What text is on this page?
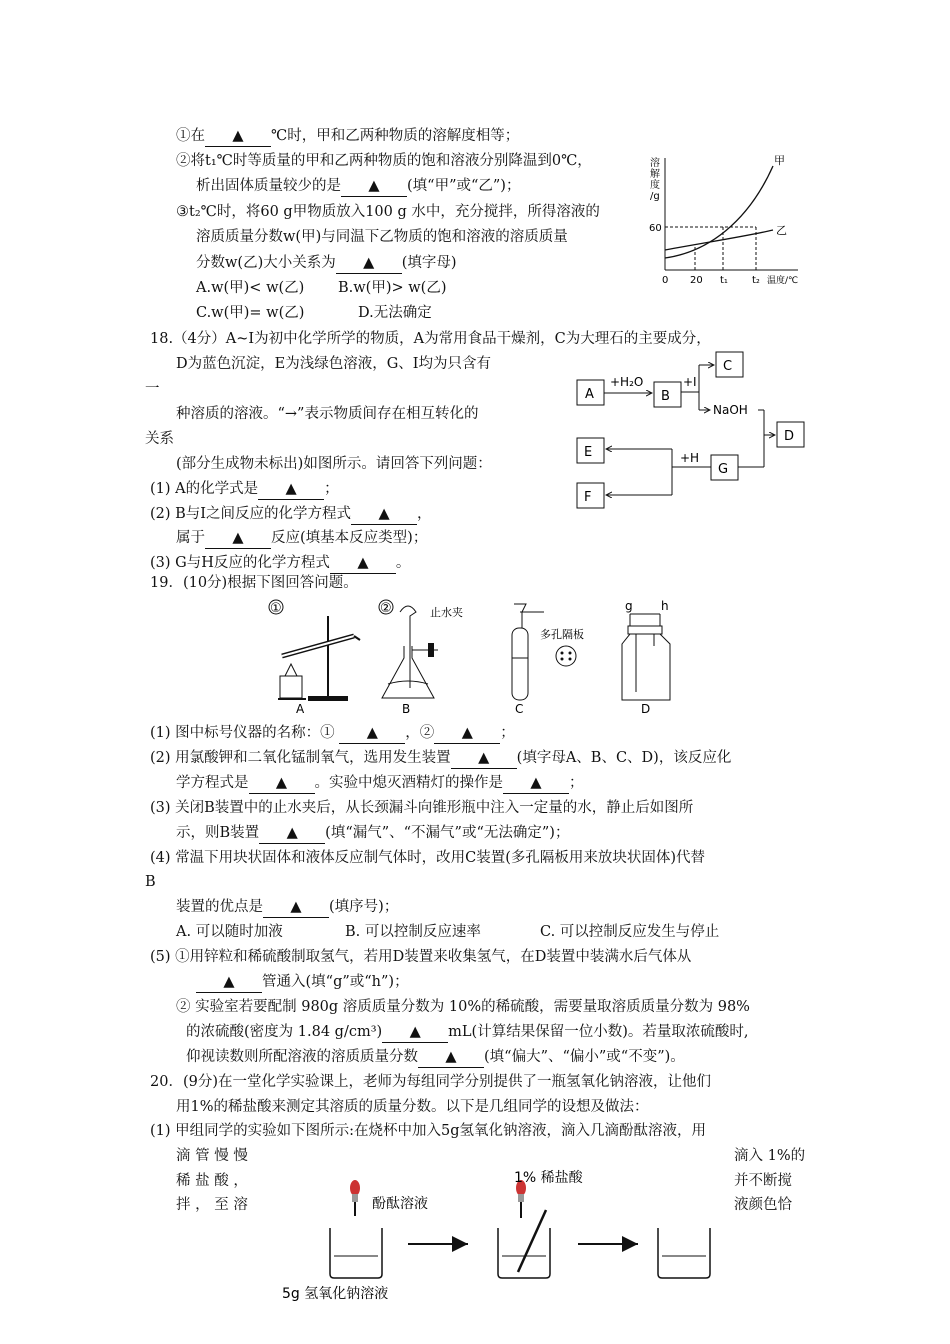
①在 ▲ ℃时，甲和乙两种物质的溶解度相等；
②将t₁℃时等质量的甲和乙两种物质的饱和溶液分别降温到0℃，
析出固体质量较少的是 ▲ (填“甲”或“乙”)；
③t₂℃时，将60 g甲物质放入100 g 水中，充分搅拌，所得溶液的
溶质质量分数w(甲)与同温下乙物质的饱和溶液的溶质质量
分数w(乙)大小关系为 ▲ (填字母)
A.w(甲)< w(乙) B.w(甲)> w(乙)
C.w(甲)= w(乙)	D.无法确定
溶
解
度
/g
60
甲
乙
0 20 t₁ t₂ 温度/℃
18.（4分）A~I为初中化学所学的物质，A为常用食品干燥剂，C为大理石的主要成分，
D为蓝色沉淀，E为浅绿色溶液，G、I均为只含有
一
种溶质的溶液。“→”表示物质间存在相互转化的
关系
(部分生成物未标出)如图所示。请回答下列问题：
(1) A的化学式是 ▲ ；
(2) B与I之间反应的化学方程式 ▲ ，
属于 ▲ 反应(填基本反应类型)；
(3) G与H反应的化学方程式 ▲ 。
A	B
C
D
E
G
F
+H₂O	+I
NaOH
+H
19．(10分)根据下图回答问题。
①
A
②	止水夹
B
多孔隔板
C
g h
D
(1) 图中标号仪器的名称：① ▲ ，② ▲ ；
(2) 用氯酸钾和二氧化锰制氧气，选用发生装置 ▲ (填字母A、B、C、D)，该反应化
学方程式是 ▲ 。实验中熄灭酒精灯的操作是 ▲ ；
(3) 关闭B装置中的止水夹后，从长颈漏斗向锥形瓶中注入一定量的水，静止后如图所
示，则B装置 ▲ (填“漏气”、“不漏气”或“无法确定”)；
(4) 常温下用块状固体和液体反应制气体时，改用C装置(多孔隔板用来放块状固体)代替
B
装置的优点是 ▲ (填序号)；
A. 可以随时加液	B. 可以控制反应速率	C. 可以控制反应发生与停止
(5) ①用锌粒和稀硫酸制取氢气，若用D装置来收集氢气，在D装置中装满水后气体从
▲ 管通入(填“g”或“h”)；
② 实验室若要配制 980g 溶质质量分数为 10%的稀硫酸，需要量取溶质质量分数为 98%
的浓硫酸(密度为 1.84 g/cm³) ▲ mL(计算结果保留一位小数)。若量取浓硫酸时,
仰视读数则所配溶液的溶质质量分数 ▲ (填“偏大”、“偏小”或“不变”)。
20．(9分)在一堂化学实验课上，老师为每组同学分别提供了一瓶氢氧化钠溶液，让他们
用1%的稀盐酸来测定其溶质的质量分数。以下是几组同学的设想及做法：
(1) 甲组同学的实验如下图所示:在烧杯中加入5g氢氧化钠溶液，滴入几滴酚酞溶液，用
滴 管 慢 慢	滴入 1%的
稀 盐 酸 ，	并不断搅
拌 ， 至 溶	液颜色恰
酚酞溶液
1% 稀盐酸
5g 氢氧化钠溶液
